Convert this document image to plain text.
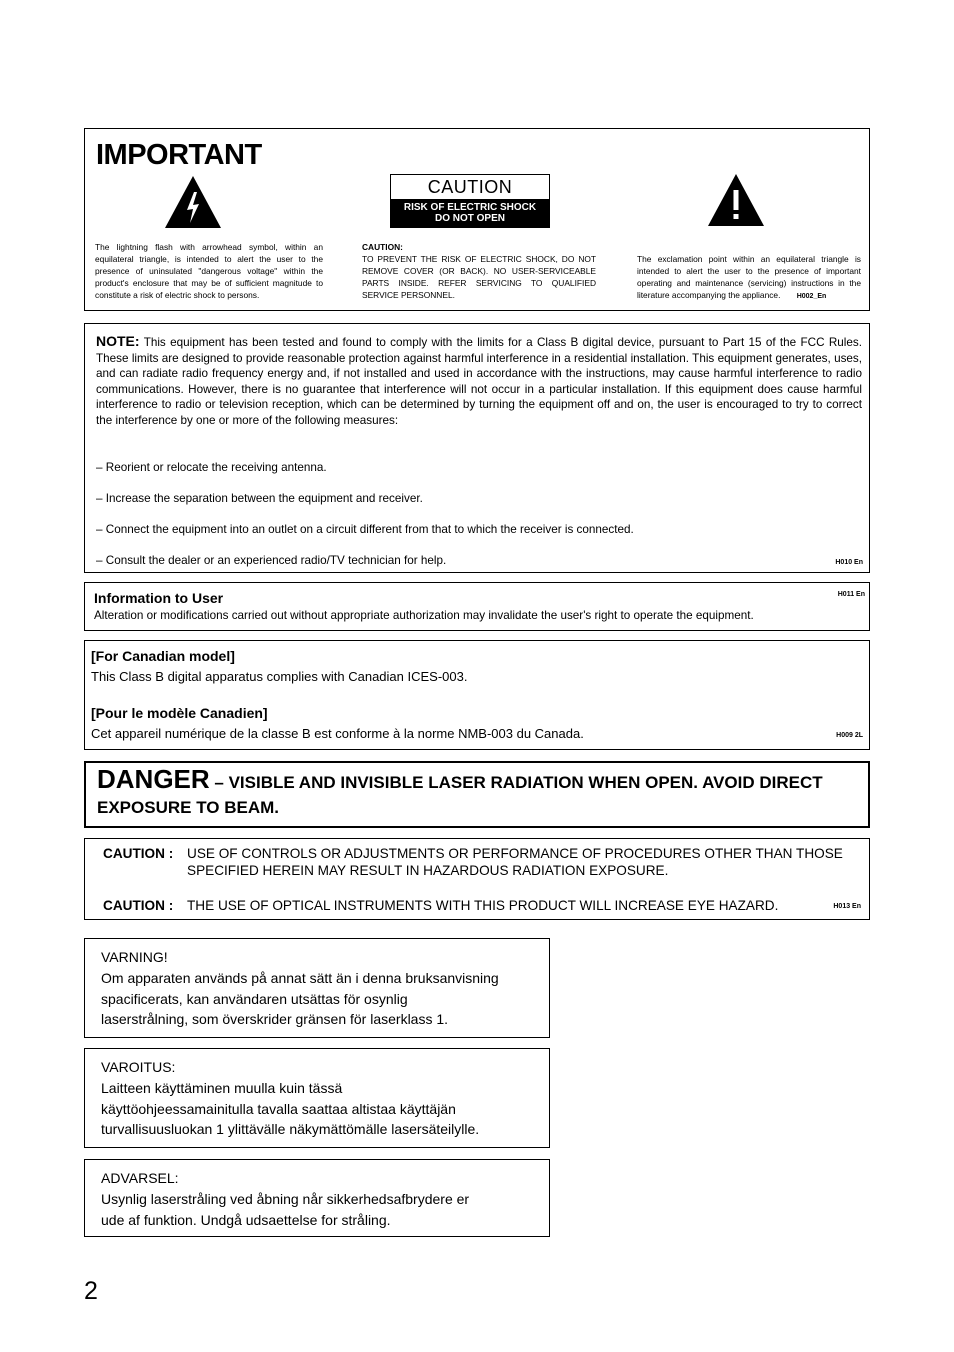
IMPORTANT
CAUTION
RISK OF ELECTRIC SHOCK
DO NOT OPEN
The lightning flash with arrowhead symbol, within an equilateral triangle, is intended to alert the user to the presence of uninsulated "dangerous voltage" within the product's enclosure that may be of sufficient magnitude to constitute a risk of electric shock to persons.
CAUTION:
TO PREVENT THE RISK OF ELECTRIC SHOCK, DO NOT REMOVE COVER (OR BACK). NO USER-SERVICEABLE PARTS INSIDE. REFER SERVICING TO QUALIFIED SERVICE PERSONNEL.
The exclamation point within an equilateral triangle is intended to alert the user to the presence of important operating and maintenance (servicing) instructions in the literature accompanying the appliance. H002_En
NOTE: This equipment has been tested and found to comply with the limits for a Class B digital device, pursuant to Part 15 of the FCC Rules. These limits are designed to provide reasonable protection against harmful interference in a residential installation. This equipment generates, uses, and can radiate radio frequency energy and, if not installed and used in accordance with the instructions, may cause harmful interference to radio communications. However, there is no guarantee that interference will not occur in a particular installation. If this equipment does cause harmful interference to radio or television reception, which can be determined by turning the equipment off and on, the user is encouraged to try to correct the interference by one or more of the following measures:
– Reorient or relocate the receiving antenna.
– Increase the separation between the equipment and receiver.
– Connect the equipment into an outlet on a circuit different from that to which the receiver is connected.
– Consult the dealer or an experienced radio/TV technician for help.	H010 En
Information to User
Alteration or modifications carried out without appropriate authorization may invalidate the user's right to operate the equipment.
H011 En
[For Canadian model]
This Class B digital apparatus complies with Canadian ICES-003.
[Pour le modèle Canadien]
Cet appareil numérique de la classe B est conforme à la norme NMB-003 du Canada.	H009 2L
DANGER – VISIBLE AND INVISIBLE LASER RADIATION WHEN OPEN. AVOID DIRECT EXPOSURE TO BEAM.
CAUTION : USE OF CONTROLS OR ADJUSTMENTS OR PERFORMANCE OF PROCEDURES OTHER THAN THOSE SPECIFIED HEREIN MAY RESULT IN HAZARDOUS RADIATION EXPOSURE.
CAUTION : THE USE OF OPTICAL INSTRUMENTS WITH THIS PRODUCT WILL INCREASE EYE HAZARD.	H013 En
VARNING!
Om apparaten används på annat sätt än i denna bruksanvisning
spacificerats, kan användaren utsättas för osynlig
laserstrålning, som överskrider gränsen för laserklass 1.
VAROITUS:
Laitteen käyttäminen muulla kuin tässä
käyttöohjeessamainitulla tavalla saattaa altistaa käyttäjän
turvallisuusluokan 1 ylittävälle näkymättömälle lasersäteilylle.
ADVARSEL:
Usynlig laserstråling ved åbning når sikkerhedsafbrydere er
ude af funktion. Undgå udsaettelse for stråling.
2
